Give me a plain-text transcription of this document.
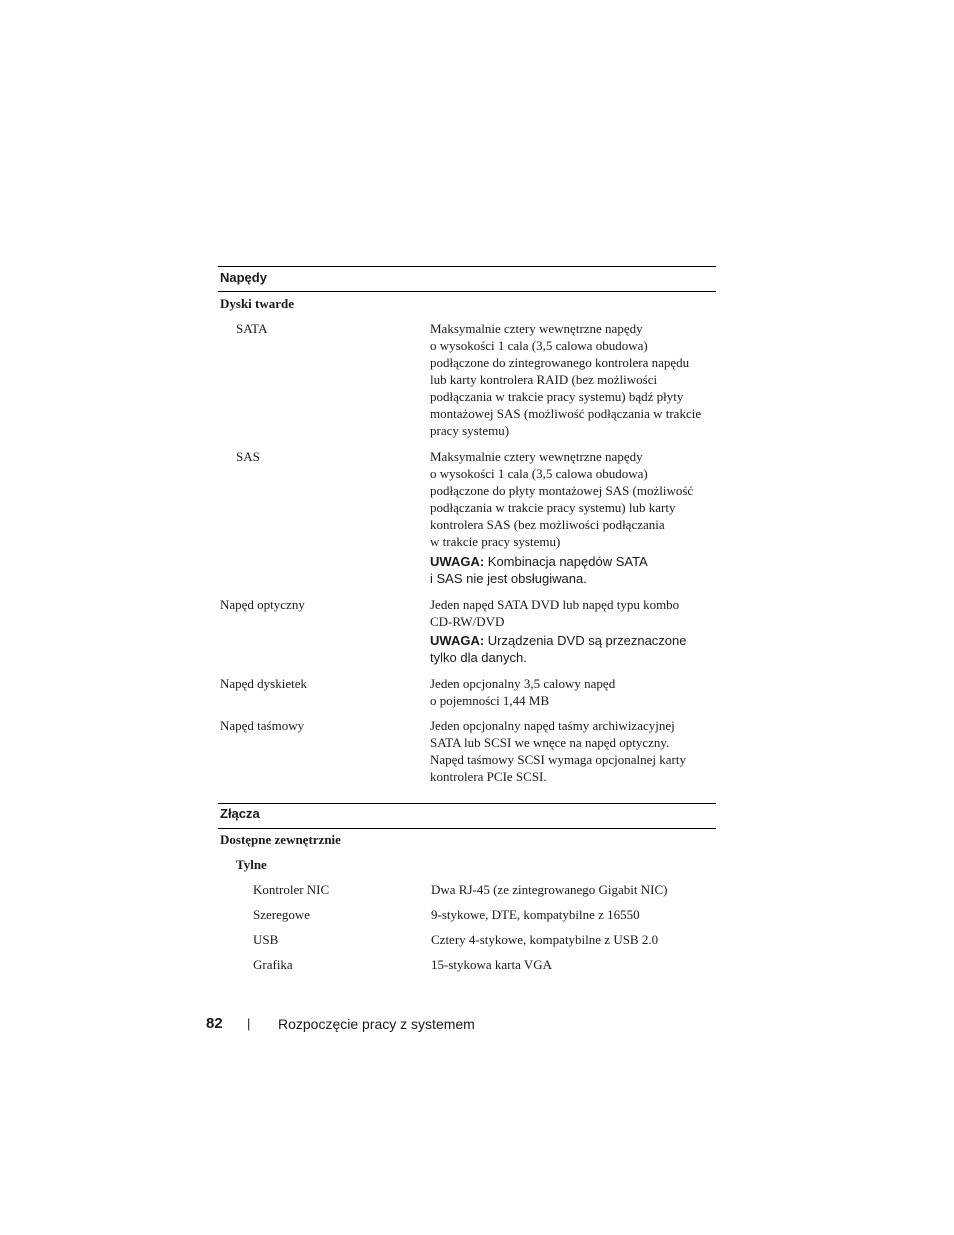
Napędy
Dyski twarde
SATA	Maksymalnie cztery wewnętrzne napędy
o wysokości 1 cala (3,5 calowa obudowa)
podłączone do zintegrowanego kontrolera napędu
lub karty kontrolera RAID (bez możliwości
podłączania w trakcie pracy systemu) bądź płyty
montażowej SAS (możliwość podłączania w trakcie
pracy systemu)
SAS	Maksymalnie cztery wewnętrzne napędy
o wysokości 1 cala (3,5 calowa obudowa)
podłączone do płyty montażowej SAS (możliwość
podłączania w trakcie pracy systemu) lub karty
kontrolera SAS (bez możliwości podłączania
w trakcie pracy systemu)
UWAGA: Kombinacja napędów SATA
i SAS nie jest obsługiwana.
Napęd optyczny	Jeden napęd SATA DVD lub napęd typu kombo
CD-RW/DVD
UWAGA: Urządzenia DVD są przeznaczone
tylko dla danych.
Napęd dyskietek	Jeden opcjonalny 3,5 calowy napęd
o pojemności 1,44 MB
Napęd taśmowy	Jeden opcjonalny napęd taśmy archiwizacyjnej
SATA lub SCSI we wnęce na napęd optyczny.
Napęd taśmowy SCSI wymaga opcjonalnej karty
kontrolera PCIe SCSI.
Złącza
Dostępne zewnętrznie
Tylne
Kontroler NIC	Dwa RJ-45 (ze zintegrowanego Gigabit NIC)
Szeregowe	9-stykowe, DTE, kompatybilne z 16550
USB	Cztery 4-stykowe, kompatybilne z USB 2.0
Grafika	15-stykowa karta VGA
82 | Rozpoczęcie pracy z systemem
